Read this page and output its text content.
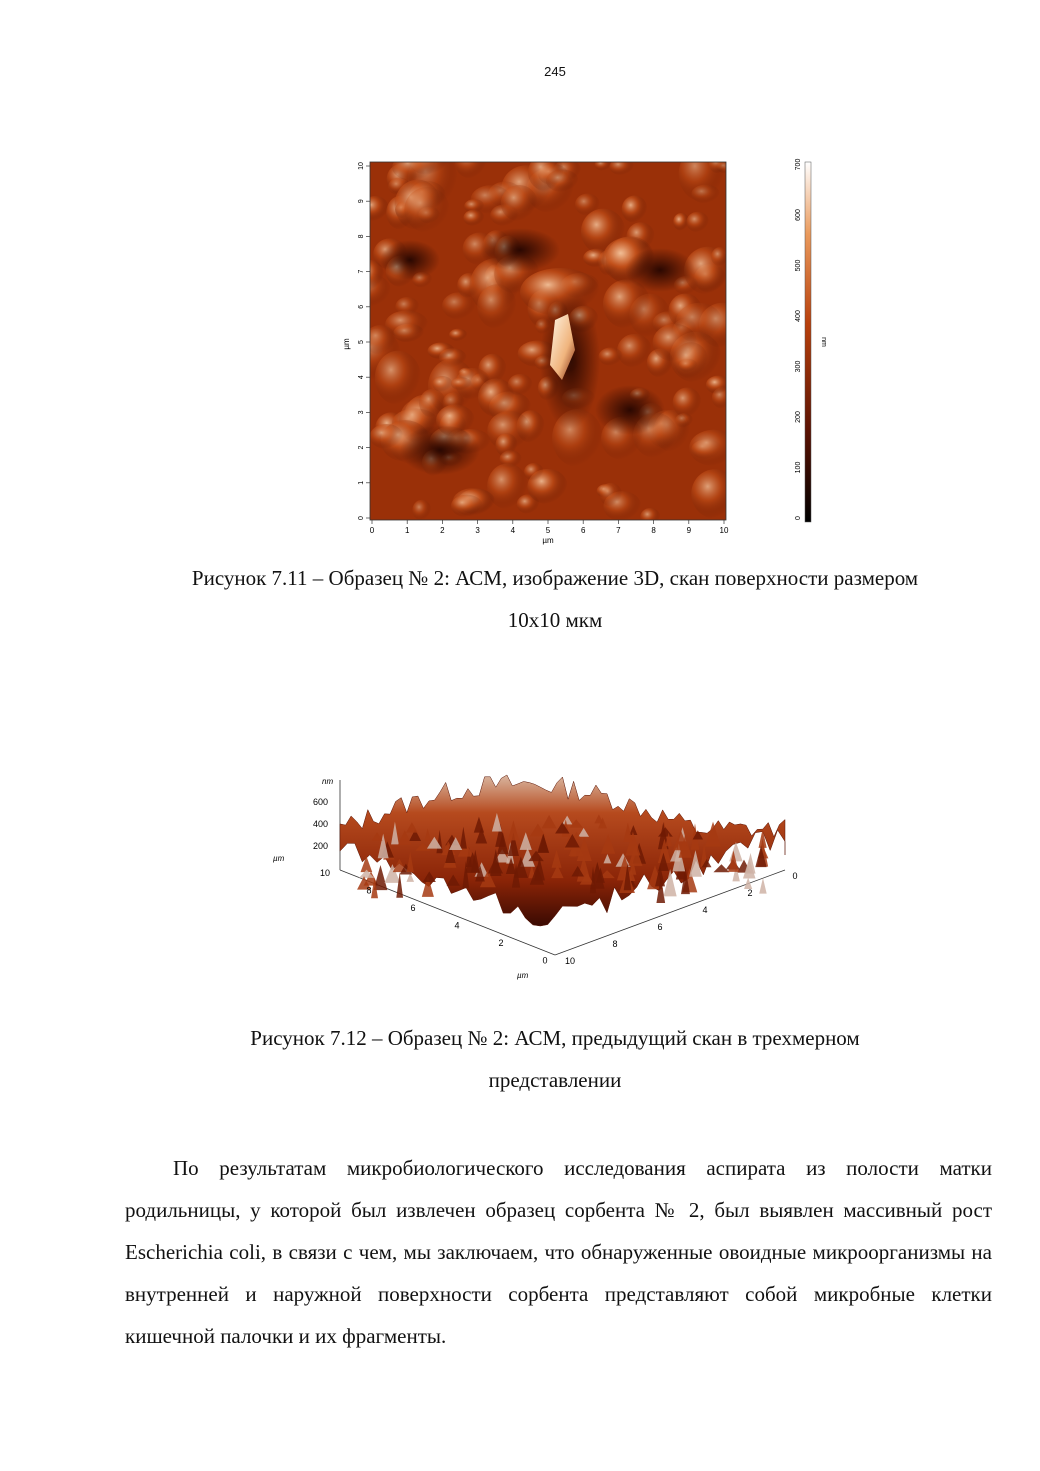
245
0	1	2	3	4	5	6	7	8	9	10
0
1
2
3
4
5
6
7
8
9
10
µm
µm
0
100
200
300
400
500
600
700
nm
Рисунок 7.11 – Образец № 2: АСМ, изображение 3D, скан поверхности размером
10х10 мкм
nm
600
400
200
µm
10
8
6
4
2
0 10
8
6
4
2
0
µm
Рисунок 7.12 – Образец № 2: АСМ, предыдущий скан в трехмерном
представлении

По результатам микробиологического исследования аспирата из полости матки родильницы, у которой был извлечен образец сорбента № 2, был выявлен массивный рост Escherichia coli, в связи с чем, мы заключаем, что обнаруженные овоидные микроорганизмы на внутренней и наружной поверхности сорбента представляют собой микробные клетки кишечной палочки и их фрагменты.
